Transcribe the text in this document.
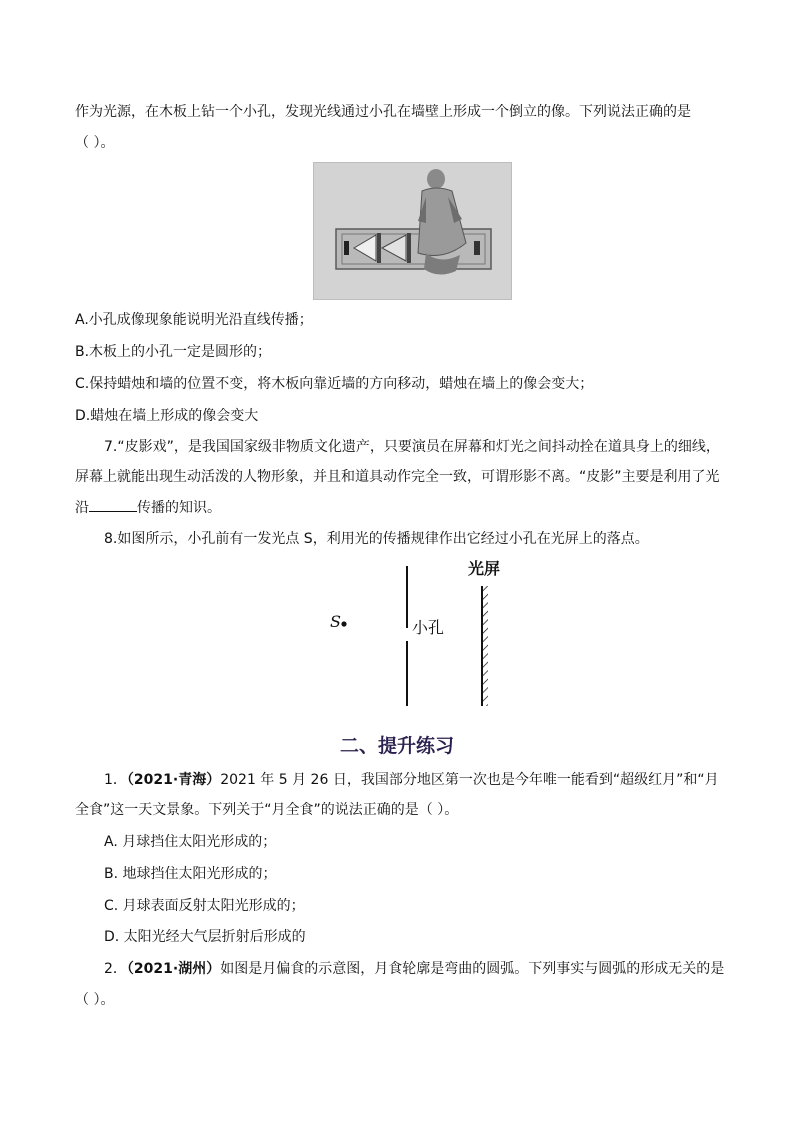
作为光源，在木板上钻一个小孔，发现光线通过小孔在墙壁上形成一个倒立的像。下列说法正确的是
（ ）。
A.小孔成像现象能说明光沿直线传播；
B.木板上的小孔一定是圆形的；
C.保持蜡烛和墙的位置不变，将木板向靠近墙的方向移动，蜡烛在墙上的像会变大；
D.蜡烛在墙上形成的像会变大
7.“皮影戏”，是我国国家级非物质文化遗产，只要演员在屏幕和灯光之间抖动拴在道具身上的细线，
屏幕上就能出现生动活泼的人物形象，并且和道具动作完全一致，可谓形影不离。“皮影”主要是利用了光
沿	传播的知识。
8.如图所示，小孔前有一发光点 S，利用光的传播规律作出它经过小孔在光屏上的落点。
S	小孔
光屏
二、提升练习
1．（2021·青海）2021 年 5 月 26 日，我国部分地区第一次也是今年唯一能看到“超级红月”和“月
全食”这一天文景象。下列关于“月全食”的说法正确的是（ ）。
A. 月球挡住太阳光形成的；
B. 地球挡住太阳光形成的；
C. 月球表面反射太阳光形成的；
D. 太阳光经大气层折射后形成的
2．（2021·湖州）如图是月偏食的示意图，月食轮廓是弯曲的圆弧。下列事实与圆弧的形成无关的是
（ ）。
